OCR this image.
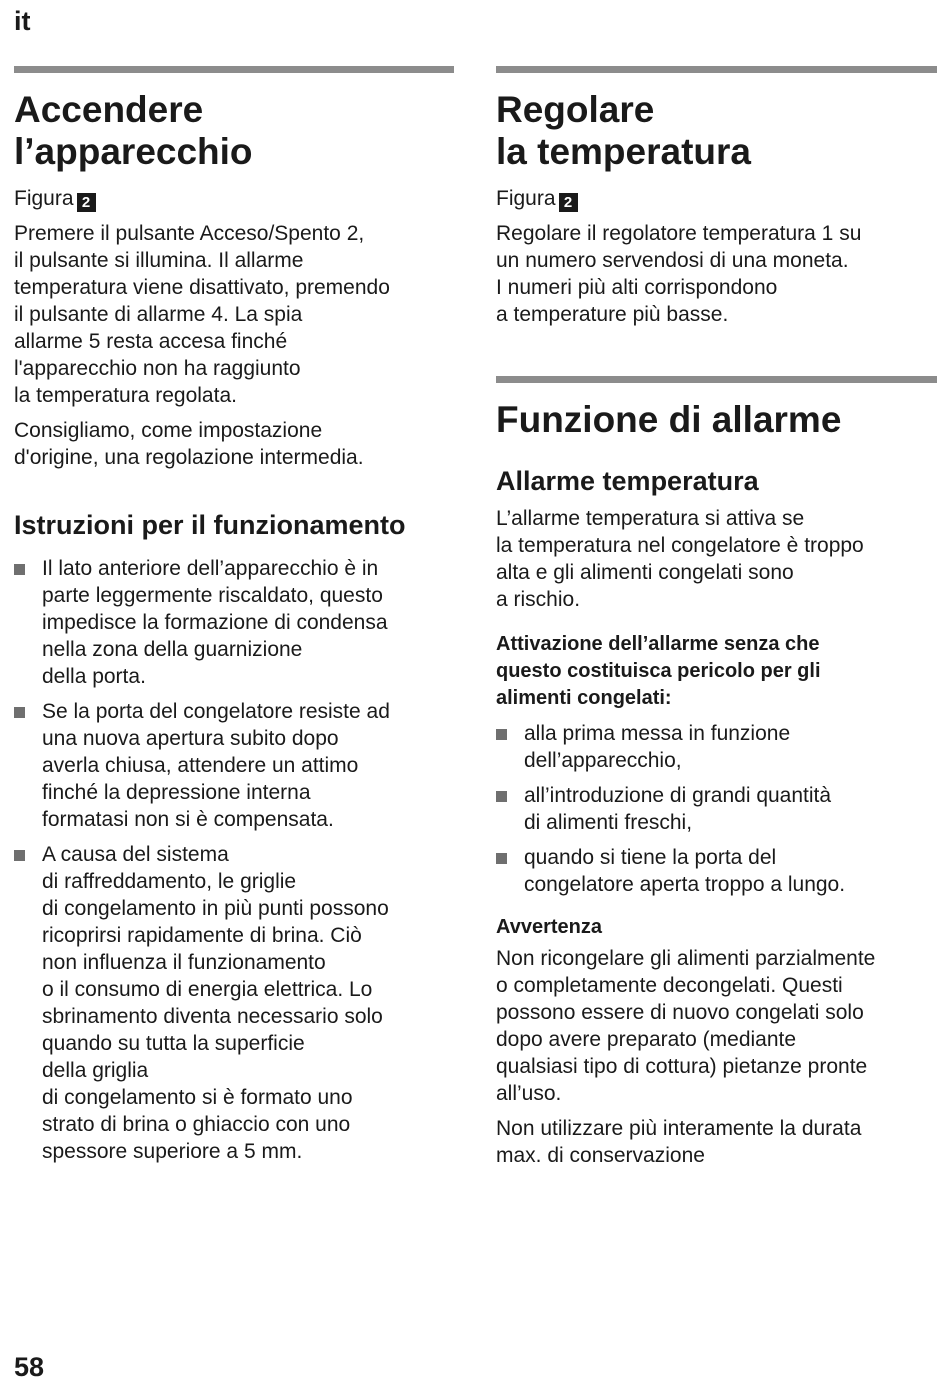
it
Accendere
l’apparecchio

Figura 2

Premere il pulsante Acceso/Spento 2,
il pulsante si illumina. Il allarme
temperatura viene disattivato, premendo
il pulsante di allarme 4. La spia
allarme 5 resta accesa finché
l'apparecchio non ha raggiunto
la temperatura regolata.

Consigliamo, come impostazione
d'origine, una regolazione intermedia.

Istruzioni per il funzionamento
Il lato anteriore dell’apparecchio è in
parte leggermente riscaldato, questo
impedisce la formazione di condensa
nella zona della guarnizione
della porta.
Se la porta del congelatore resiste ad
una nuova apertura subito dopo
averla chiusa, attendere un attimo
finché la depressione interna
formatasi non si è compensata.
A causa del sistema
di raffreddamento, le griglie
di congelamento in più punti possono
ricoprirsi rapidamente di brina. Ciò
non influenza il funzionamento
o il consumo di energia elettrica. Lo
sbrinamento diventa necessario solo
quando su tutta la superficie
della griglia
di congelamento si è formato uno
strato di brina o ghiaccio con uno
spessore superiore a 5 mm.
Regolare
la temperatura

Figura 2

Regolare il regolatore temperatura 1 su
un numero servendosi di una moneta.
I numeri più alti corrispondono
a temperature più basse.

Funzione di allarme
Allarme temperatura

L’allarme temperatura si attiva se
la temperatura nel congelatore è troppo
alta e gli alimenti congelati sono
a rischio.

Attivazione dell’allarme senza che
questo costituisca pericolo per gli
alimenti congelati:
alla prima messa in funzione
dell’apparecchio,
all’introduzione di grandi quantità
di alimenti freschi,
quando si tiene la porta del
congelatore aperta troppo a lungo.
Avvertenza

Non ricongelare gli alimenti parzialmente
o completamente decongelati. Questi
possono essere di nuovo congelati solo
dopo avere preparato (mediante
qualsiasi tipo di cottura) pietanze pronte
all’uso.

Non utilizzare più interamente la durata
max. di conservazione

58
